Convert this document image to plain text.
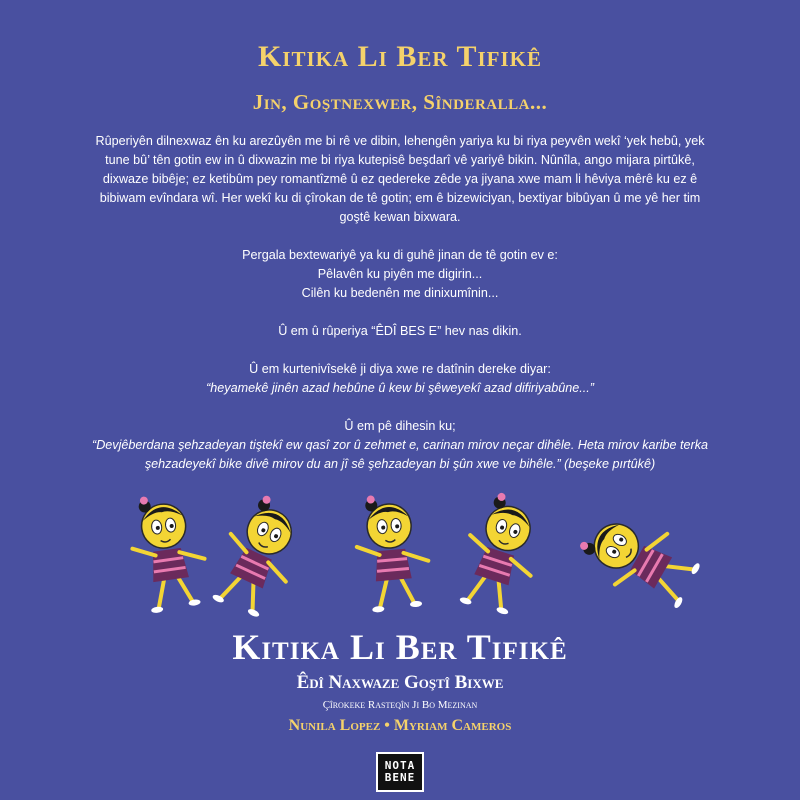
Kitika Li Ber Tifikê
Jin, Goştnexwer, Sînderalla...

Rûperiyên dilnexwaz ên ku arezûyên me bi rê ve dibin, lehengên yariya ku bi riya peyvên wekî ‘yek hebû, yek tune bû’ tên gotin ew in û dixwazin me bi riya kutepisê beşdarî vê yariyê bikin. Nûnîla, ango mijara pirtûkê, dixwaze bibêje; ez ketibûm pey romantîzmê û ez qedereke zêde ya jiyana xwe mam li hêviya mêrê ku ez ê bibiwam evîndara wî. Her wekî ku di çîrokan de tê gotin; em ê bizewiciyan, bextiyar bibûyan û me yê her tim goştê kewan bixwara.

Pergala bextewariyê ya ku di guhê jinan de tê gotin ev e:

Pêlavên ku piyên me digirin...

Cilên ku bedenên me dinixumînin...

Û em û rûperiya “ÊDÎ BES E” hev nas dikin.

Û em kurtenivîsekê ji diya xwe re datînin dereke diyar:

“heyamekê jinên azad hebûne û kew bi şêweyekî azad difiriyabûne...”

Û em pê dihesin ku;

“Devjêberdana şehzadeyan tiştekî ew qasî zor û zehmet e, carinan mirov neçar dihêle. Heta mirov karibe terka şehzadeyekî bike divê mirov du an jî sê şehzadeyan bi şûn xwe ve bihêle.” (beşeke pırtûkê)

Kitika Li Ber Tifikê
Êdî Naxwaze Goştî Bixwe
Çîrokeke Rasteqîn Ji Bo Mezinan
Nunila Lopez • Myriam Cameros
NOTA
BENE
